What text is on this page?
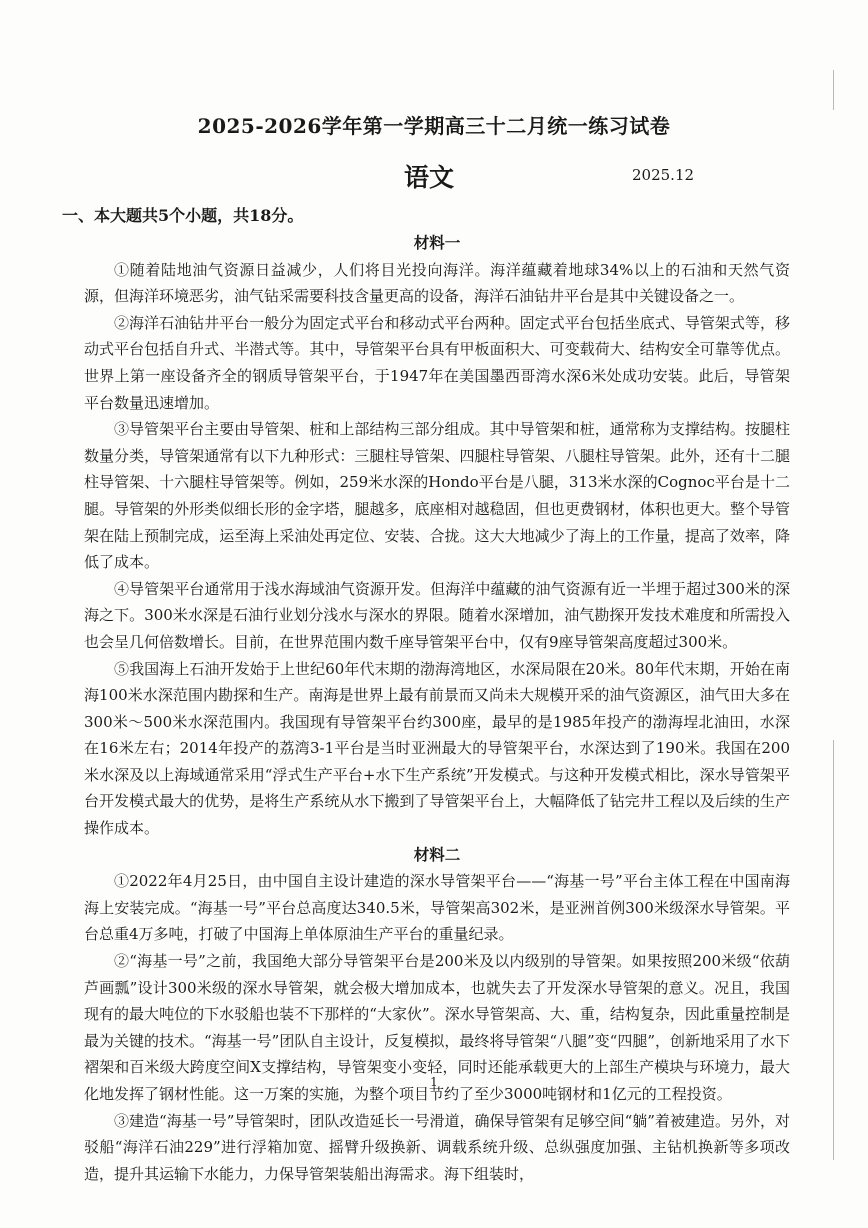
2025-2026学年第一学期高三十二月统一练习试卷
语文	2025.12
一、本大题共5个小题，共18分。

材料一

①随着陆地油气资源日益减少，人们将目光投向海洋。海洋蕴藏着地球34%以上的石油和天然气资源，但海洋环境恶劣，油气钻采需要科技含量更高的设备，海洋石油钻井平台是其中关键设备之一。

②海洋石油钻井平台一般分为固定式平台和移动式平台两种。固定式平台包括坐底式、导管架式等，移动式平台包括自升式、半潜式等。其中，导管架平台具有甲板面积大、可变载荷大、结构安全可靠等优点。世界上第一座设备齐全的钢质导管架平台，于1947年在美国墨西哥湾水深6米处成功安装。此后，导管架平台数量迅速增加。

③导管架平台主要由导管架、桩和上部结构三部分组成。其中导管架和桩，通常称为支撑结构。按腿柱数量分类，导管架通常有以下九种形式：三腿柱导管架、四腿柱导管架、八腿柱导管架。此外，还有十二腿柱导管架、十六腿柱导管架等。例如，259米水深的Hondo平台是八腿，313米水深的Cognoc平台是十二腿。导管架的外形类似细长形的金字塔，腿越多，底座相对越稳固，但也更费钢材，体积也更大。整个导管架在陆上预制完成，运至海上采油处再定位、安装、合拢。这大大地减少了海上的工作量，提高了效率，降低了成本。

④导管架平台通常用于浅水海域油气资源开发。但海洋中蕴藏的油气资源有近一半埋于超过300米的深海之下。300米水深是石油行业划分浅水与深水的界限。随着水深增加，油气勘探开发技术难度和所需投入也会呈几何倍数增长。目前，在世界范围内数千座导管架平台中，仅有9座导管架高度超过300米。

⑤我国海上石油开发始于上世纪60年代末期的渤海湾地区，水深局限在20米。80年代末期，开始在南海100米水深范围内勘探和生产。南海是世界上最有前景而又尚未大规模开采的油气资源区，油气田大多在300米～500米水深范围内。我国现有导管架平台约300座，最早的是1985年投产的渤海埕北油田，水深在16米左右；2014年投产的荔湾3-1平台是当时亚洲最大的导管架平台，水深达到了190米。我国在200米水深及以上海域通常采用“浮式生产平台+水下生产系统”开发模式。与这种开发模式相比，深水导管架平台开发模式最大的优势，是将生产系统从水下搬到了导管架平台上，大幅降低了钻完井工程以及后续的生产操作成本。

材料二

①2022年4月25日，由中国自主设计建造的深水导管架平台——“海基一号”平台主体工程在中国南海海上安装完成。“海基一号”平台总高度达340.5米，导管架高302米，是亚洲首例300米级深水导管架。平台总重4万多吨，打破了中国海上单体原油生产平台的重量纪录。

②“海基一号”之前，我国绝大部分导管架平台是200米及以内级别的导管架。如果按照200米级“依葫芦画瓢”设计300米级的深水导管架，就会极大增加成本，也就失去了开发深水导管架的意义。况且，我国现有的最大吨位的下水驳船也装不下那样的“大家伙”。深水导管架高、大、重，结构复杂，因此重量控制是最为关键的技术。“海基一号”团队自主设计，反复模拟，最终将导管架“八腿”变“四腿”，创新地采用了水下褶架和百米级大跨度空间X支撑结构，导管架变小变轻，同时还能承载更大的上部生产模块与环境力，最大化地发挥了钢材性能。这一万案的实施，为整个项目节约了至少3000吨钢材和1亿元的工程投资。

③建造“海基一号”导管架时，团队改造延长一号滑道，确保导管架有足够空间“躺”着被建造。另外，对驳船“海洋石油229”进行浮箱加宽、摇臂升级换新、调载系统升级、总纵强度加强、主钻机换新等多项改造，提升其运输下水能力，力保导管架装船出海需求。海下组装时，

1
